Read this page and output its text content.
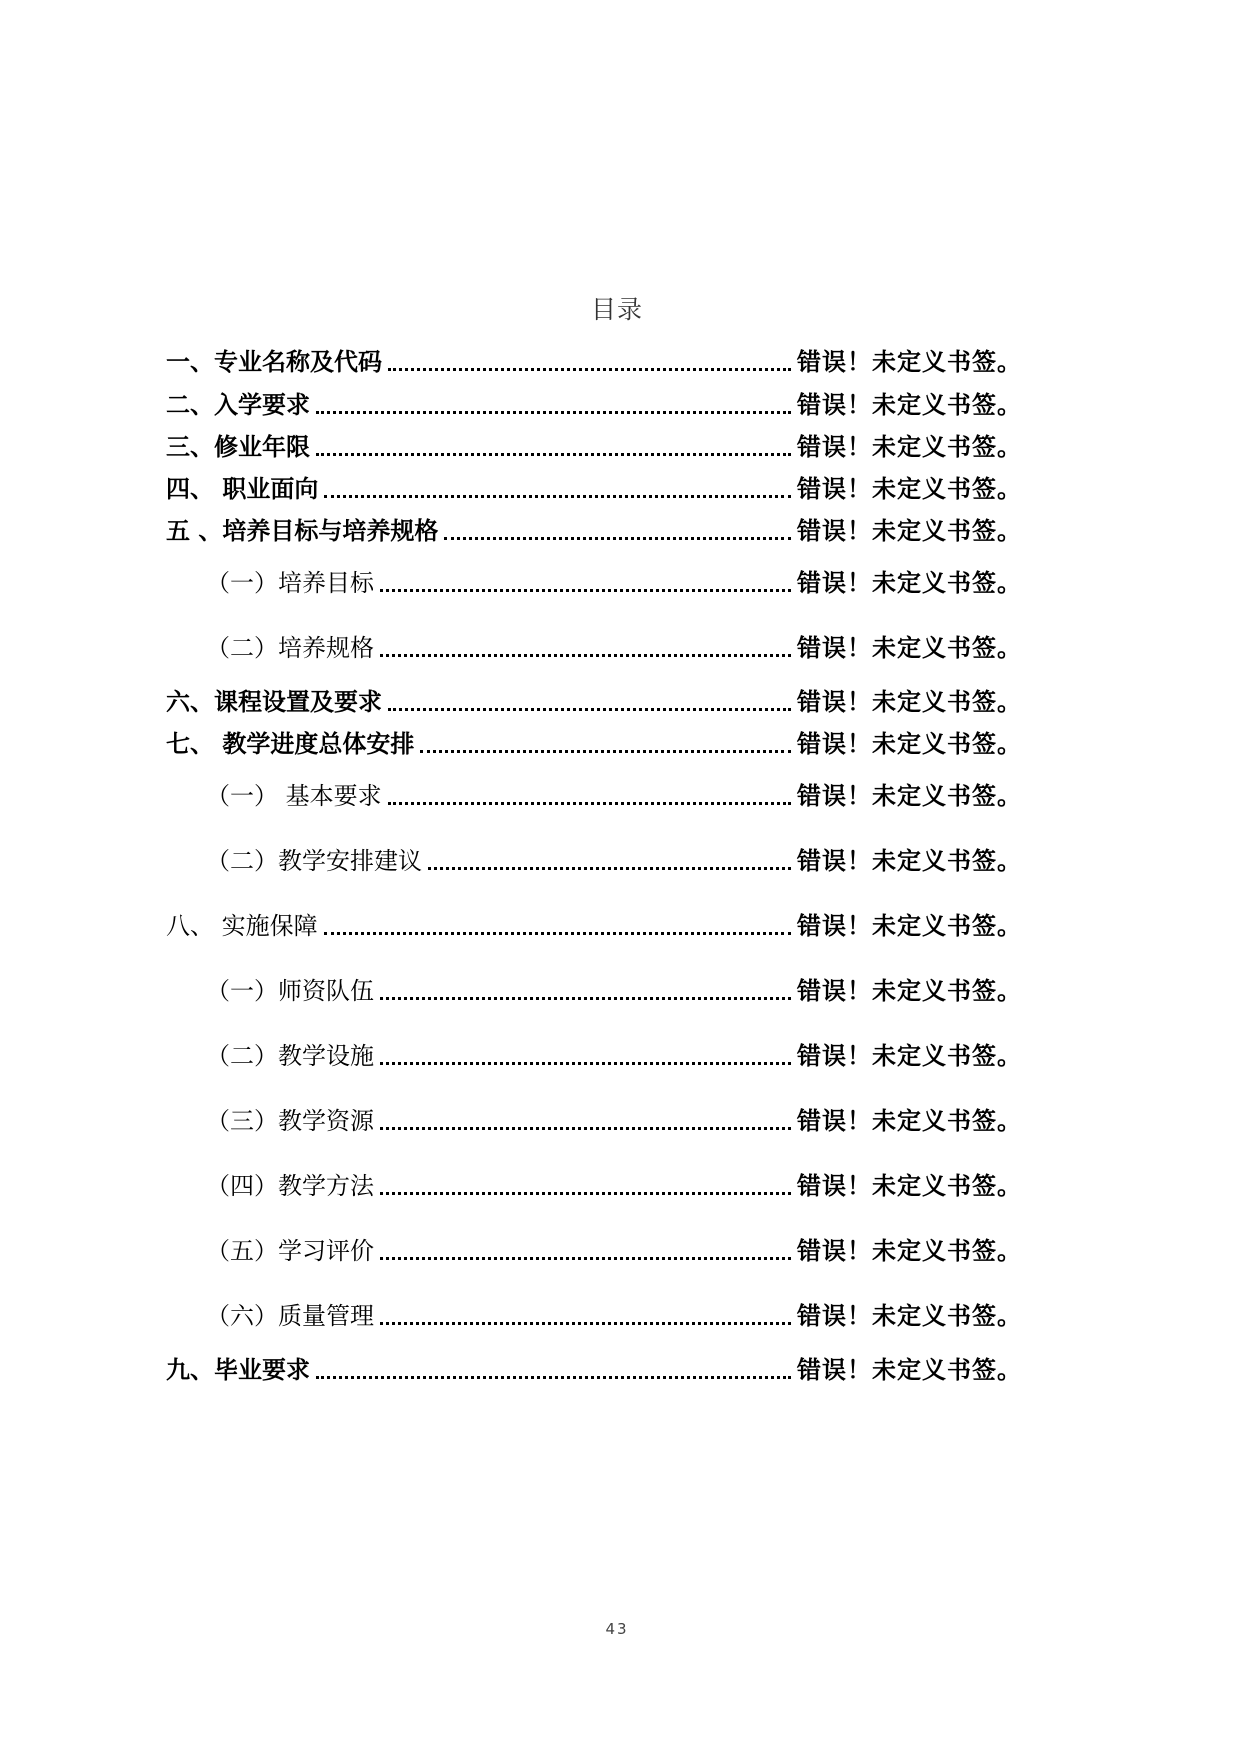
目录
一、专业名称及代码	错误！未定义书签。
二、入学要求	错误！未定义书签。
三、修业年限	错误！未定义书签。
四、 职业面向	错误！未定义书签。
五 、培养目标与培养规格	错误！未定义书签。
（一）培养目标	错误！未定义书签。
（二）培养规格	错误！未定义书签。
六、课程设置及要求	错误！未定义书签。
七、 教学进度总体安排	错误！未定义书签。
（一） 基本要求	错误！未定义书签。
（二）教学安排建议	错误！未定义书签。
八、 实施保障	错误！未定义书签。
（一）师资队伍	错误！未定义书签。
（二）教学设施	错误！未定义书签。
（三）教学资源	错误！未定义书签。
（四）教学方法	错误！未定义书签。
（五）学习评价	错误！未定义书签。
（六）质量管理	错误！未定义书签。
九、毕业要求	错误！未定义书签。
43
